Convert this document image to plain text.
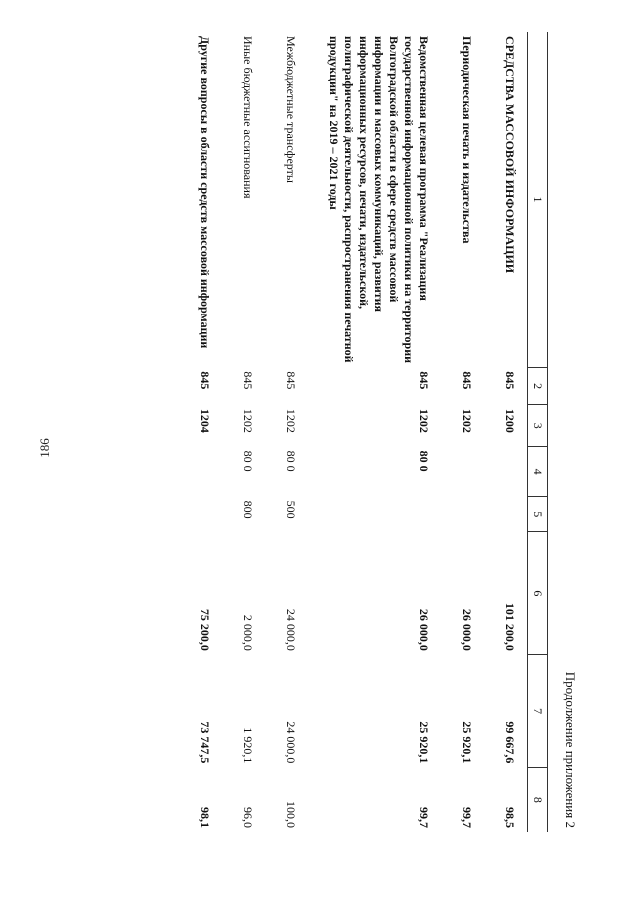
186
Продолжение приложения 2
1	2	3	4	5	6	7	8
СРЕДСТВА МАССОВОЙ ИНФОРМАЦИИ	845	1200			101 200,0	99 667,6	98,5
Периодическая печать и издательства	845	1202			26 000,0	25 920,1	99,7
Ведомственная целевая программа "Реализация государственной информационной политики на территории Волгоградской области в сфере средств массовой информации и массовых коммуникаций, развития информационных ресурсов, печати, издательской, полиграфической деятельности, распространения печатной продукции" на 2019 – 2021 годы	845	1202	80 0		26 000,0	25 920,1	99,7
Межбюджетные трансферты	845	1202	80 0	500	24 000,0	24 000,0	100,0
Иные бюджетные ассигнования	845	1202	80 0	800	2 000,0	1 920,1	96,0
Другие вопросы в области средств массовой информации	845	1204			75 200,0	73 747,5	98,1
